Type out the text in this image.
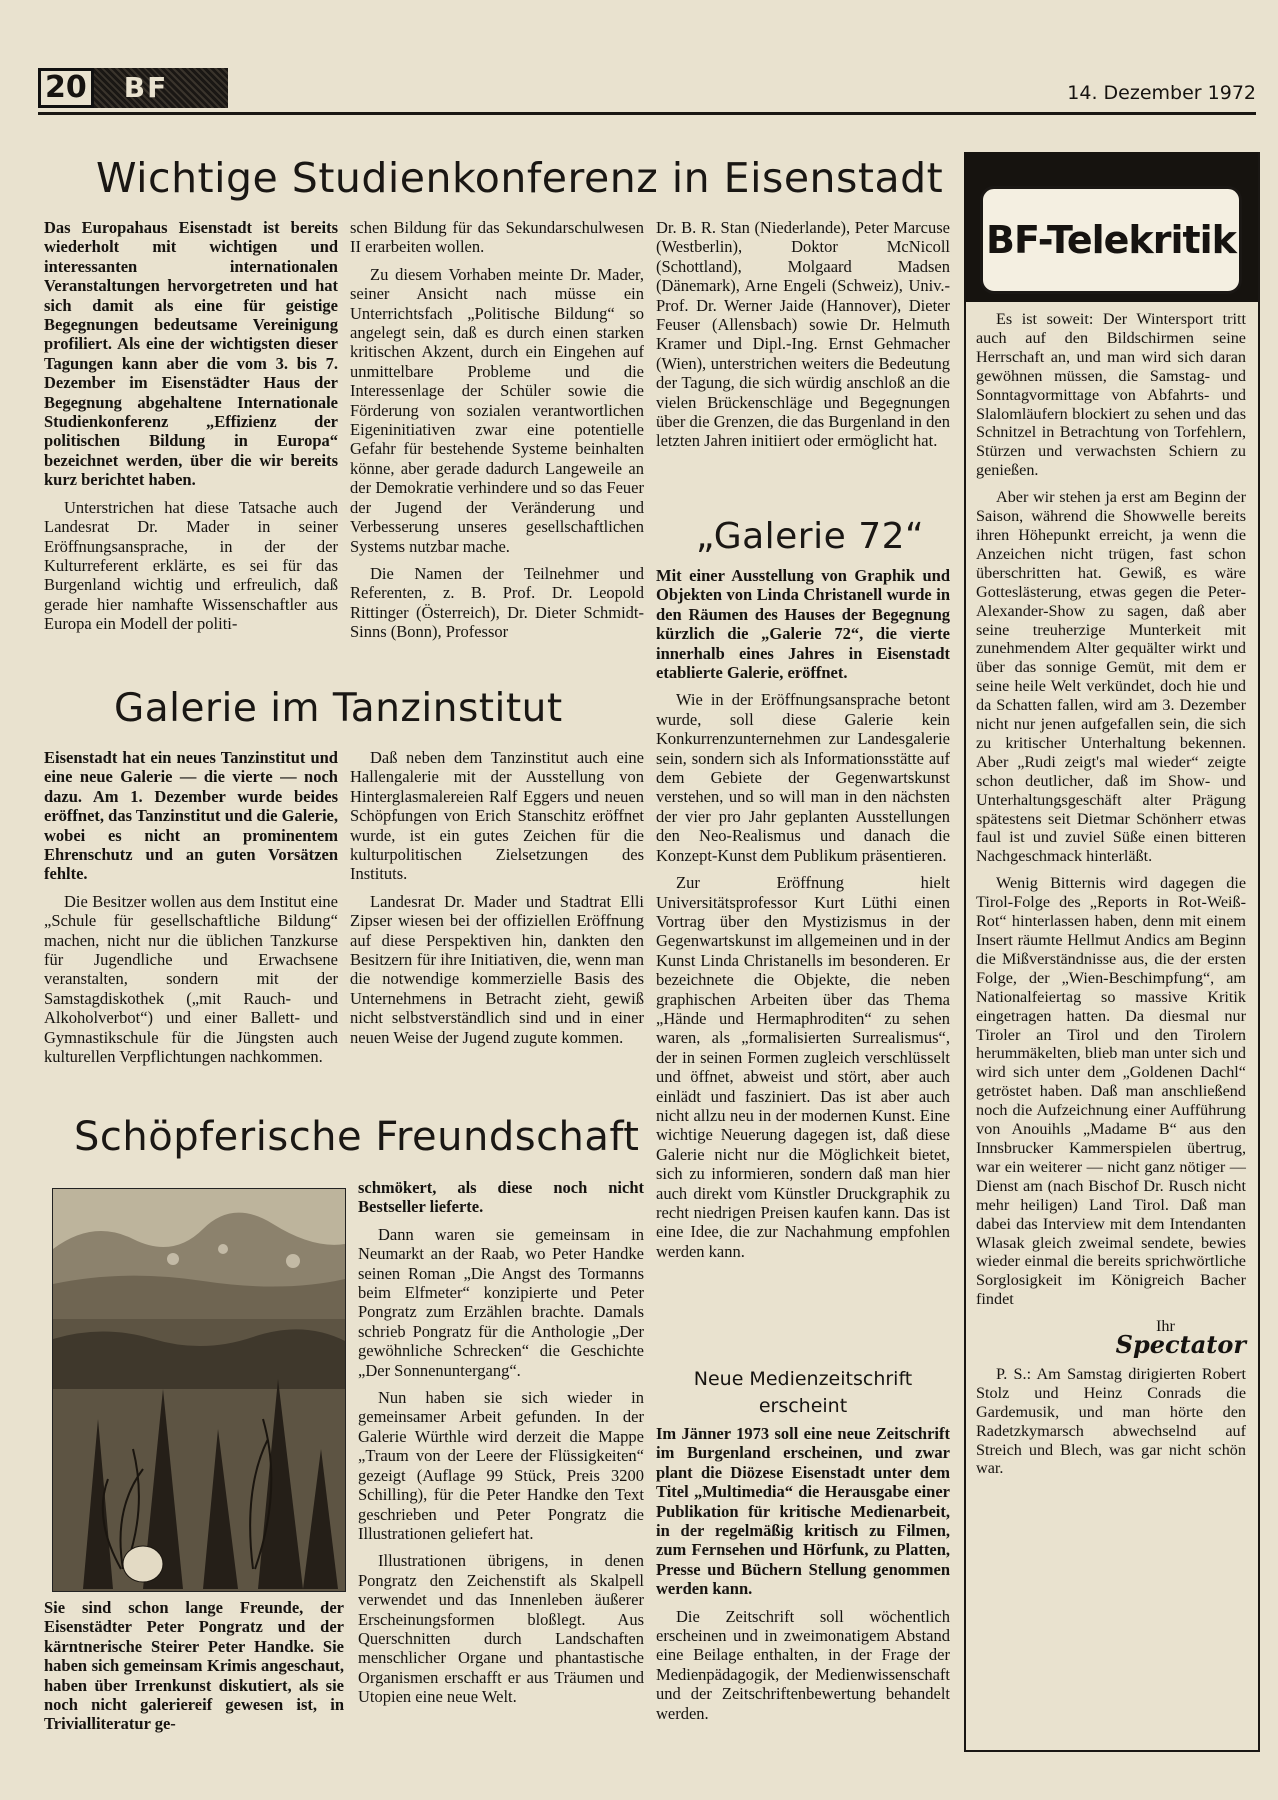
20	BF	14. Dezember 1972
Wichtige Studienkonferenz in Eisenstadt

Das Europahaus Eisenstadt ist bereits wiederholt mit wichtigen und interessanten internationalen Veranstaltungen hervorgetreten und hat sich damit als eine für geistige Begegnungen bedeutsame Vereinigung profiliert. Als eine der wichtigsten dieser Tagungen kann aber die vom 3. bis 7. Dezember im Eisenstädter Haus der Begegnung abgehaltene Internationale Studienkonferenz „Effizienz der politischen Bildung in Europa“ bezeichnet werden, über die wir bereits kurz berichtet haben.

Unterstrichen hat diese Tatsache auch Landesrat Dr. Mader in seiner Eröffnungsansprache, in der der Kulturreferent erklärte, es sei für das Burgenland wichtig und erfreulich, daß gerade hier namhafte Wissenschaftler aus Europa ein Modell der politi-

schen Bildung für das Sekundarschulwesen II erarbeiten wollen.

Zu diesem Vorhaben meinte Dr. Mader, seiner Ansicht nach müsse ein Unterrichtsfach „Politische Bildung“ so angelegt sein, daß es durch einen starken kritischen Akzent, durch ein Eingehen auf unmittelbare Probleme und die Interessenlage der Schüler sowie die Förderung von sozialen verantwortlichen Eigeninitiativen zwar eine potentielle Gefahr für bestehende Systeme beinhalten könne, aber gerade dadurch Langeweile an der Demokratie verhindere und so das Feuer der Jugend der Veränderung und Verbesserung unseres gesellschaftlichen Systems nutzbar mache.

Die Namen der Teilnehmer und Referenten, z. B. Prof. Dr. Leopold Rittinger (Österreich), Dr. Dieter Schmidt-Sinns (Bonn), Professor

Dr. B. R. Stan (Niederlande), Peter Marcuse (Westberlin), Doktor McNicoll (Schottland), Molgaard Madsen (Dänemark), Arne Engeli (Schweiz), Univ.-Prof. Dr. Werner Jaide (Hannover), Dieter Feuser (Allensbach) sowie Dr. Helmuth Kramer und Dipl.-Ing. Ernst Gehmacher (Wien), unterstrichen weiters die Bedeutung der Tagung, die sich würdig anschloß an die vielen Brückenschläge und Begegnungen über die Grenzen, die das Burgenland in den letzten Jahren initiiert oder ermöglicht hat.

Galerie im Tanzinstitut

Eisenstadt hat ein neues Tanzinstitut und eine neue Galerie — die vierte — noch dazu. Am 1. Dezember wurde beides eröffnet, das Tanzinstitut und die Galerie, wobei es nicht an prominentem Ehrenschutz und an guten Vorsätzen fehlte.

Die Besitzer wollen aus dem Institut eine „Schule für gesellschaftliche Bildung“ machen, nicht nur die üblichen Tanzkurse für Jugendliche und Erwachsene veranstalten, sondern mit der Samstagdiskothek („mit Rauch- und Alkoholverbot“) und einer Ballett- und Gymnastikschule für die Jüngsten auch kulturellen Verpflichtungen nachkommen.

Daß neben dem Tanzinstitut auch eine Hallengalerie mit der Ausstellung von Hinterglasmalereien Ralf Eggers und neuen Schöpfungen von Erich Stanschitz eröffnet wurde, ist ein gutes Zeichen für die kulturpolitischen Zielsetzungen des Instituts.

Landesrat Dr. Mader und Stadtrat Elli Zipser wiesen bei der offiziellen Eröffnung auf diese Perspektiven hin, dankten den Besitzern für ihre Initiativen, die, wenn man die notwendige kommerzielle Basis des Unternehmens in Betracht zieht, gewiß nicht selbstverständlich sind und in einer neuen Weise der Jugend zugute kommen.

„Galerie 72“

Mit einer Ausstellung von Graphik und Objekten von Linda Christanell wurde in den Räumen des Hauses der Begegnung kürzlich die „Galerie 72“, die vierte innerhalb eines Jahres in Eisenstadt etablierte Galerie, eröffnet.

Wie in der Eröffnungsansprache betont wurde, soll diese Galerie kein Konkurrenzunternehmen zur Landesgalerie sein, sondern sich als Informationsstätte auf dem Gebiete der Gegenwartskunst verstehen, und so will man in den nächsten der vier pro Jahr geplanten Ausstellungen den Neo-Realismus und danach die Konzept-Kunst dem Publikum präsentieren.

Zur Eröffnung hielt Universitätsprofessor Kurt Lüthi einen Vortrag über den Mystizismus in der Gegenwartskunst im allgemeinen und in der Kunst Linda Christanells im besonderen. Er bezeichnete die Objekte, die neben graphischen Arbeiten über das Thema „Hände und Hermaphroditen“ zu sehen waren, als „formalisierten Surrealismus“, der in seinen Formen zugleich verschlüsselt und öffnet, abweist und stört, aber auch einlädt und fasziniert. Das ist aber auch nicht allzu neu in der modernen Kunst. Eine wichtige Neuerung dagegen ist, daß diese Galerie nicht nur die Möglichkeit bietet, sich zu informieren, sondern daß man hier auch direkt vom Künstler Druckgraphik zu recht niedrigen Preisen kaufen kann. Das ist eine Idee, die zur Nachahmung empfohlen werden kann.

Neue Medienzeitschrift erscheint

Im Jänner 1973 soll eine neue Zeitschrift im Burgenland erscheinen, und zwar plant die Diözese Eisenstadt unter dem Titel „Multimedia“ die Herausgabe einer Publikation für kritische Medienarbeit, in der regelmäßig kritisch zu Filmen, zum Fernsehen und Hörfunk, zu Platten, Presse und Büchern Stellung genommen werden kann.

Die Zeitschrift soll wöchentlich erscheinen und in zweimonatigem Abstand eine Beilage enthalten, in der Frage der Medienpädagogik, der Medienwissenschaft und der Zeitschriftenbewertung behandelt werden.

Schöpferische Freundschaft

Sie sind schon lange Freunde, der Eisenstädter Peter Pongratz und der kärntnerische Steirer Peter Handke. Sie haben sich gemeinsam Krimis angeschaut, haben über Irrenkunst diskutiert, als sie noch nicht galeriereif gewesen ist, in Trivialliteratur ge-

schmökert, als diese noch nicht Bestseller lieferte.

Dann waren sie gemeinsam in Neumarkt an der Raab, wo Peter Handke seinen Roman „Die Angst des Tormanns beim Elfmeter“ konzipierte und Peter Pongratz zum Erzählen brachte. Damals schrieb Pongratz für die Anthologie „Der gewöhnliche Schrecken“ die Geschichte „Der Sonnenuntergang“.

Nun haben sie sich wieder in gemeinsamer Arbeit gefunden. In der Galerie Würthle wird derzeit die Mappe „Traum von der Leere der Flüssigkeiten“ gezeigt (Auflage 99 Stück, Preis 3200 Schilling), für die Peter Handke den Text geschrieben und Peter Pongratz die Illustrationen geliefert hat.

Illustrationen übrigens, in denen Pongratz den Zeichenstift als Skalpell verwendet und das Innenleben äußerer Erscheinungsformen bloßlegt. Aus Querschnitten durch Landschaften menschlicher Organe und phantastische Organismen erschafft er aus Träumen und Utopien eine neue Welt.

BF-Telekritik

Es ist soweit: Der Wintersport tritt auch auf den Bildschirmen seine Herrschaft an, und man wird sich daran gewöhnen müssen, die Samstag- und Sonntagvormittage von Abfahrts- und Slalomläufern blockiert zu sehen und das Schnitzel in Betrachtung von Torfehlern, Stürzen und verwachsten Schiern zu genießen.

Aber wir stehen ja erst am Beginn der Saison, während die Showwelle bereits ihren Höhepunkt erreicht, ja wenn die Anzeichen nicht trügen, fast schon überschritten hat. Gewiß, es wäre Gotteslästerung, etwas gegen die Peter-Alexander-Show zu sagen, daß aber seine treuherzige Munterkeit mit zunehmendem Alter gequälter wirkt und über das sonnige Gemüt, mit dem er seine heile Welt verkündet, doch hie und da Schatten fallen, wird am 3. Dezember nicht nur jenen aufgefallen sein, die sich zu kritischer Unterhaltung bekennen. Aber „Rudi zeigt's mal wieder“ zeigte schon deutlicher, daß im Show- und Unterhaltungsgeschäft alter Prägung spätestens seit Dietmar Schönherr etwas faul ist und zuviel Süße einen bitteren Nachgeschmack hinterläßt.

Wenig Bitternis wird dagegen die Tirol-Folge des „Reports in Rot-Weiß-Rot“ hinterlassen haben, denn mit einem Insert räumte Hellmut Andics am Beginn die Mißverständnisse aus, die der ersten Folge, der „Wien-Beschimpfung“, am Nationalfeiertag so massive Kritik eingetragen hatten. Da diesmal nur Tiroler an Tirol und den Tirolern herummäkelten, blieb man unter sich und wird sich unter dem „Goldenen Dachl“ getröstet haben. Daß man anschließend noch die Aufzeichnung einer Aufführung von Anouihls „Madame B“ aus den Innsbrucker Kammerspielen übertrug, war ein weiterer — nicht ganz nötiger — Dienst am (nach Bischof Dr. Rusch nicht mehr heiligen) Land Tirol. Daß man dabei das Interview mit dem Intendanten Wlasak gleich zweimal sendete, bewies wieder einmal die bereits sprichwörtliche Sorglosigkeit im Königreich Bacher findet

Ihr

Spectator

P. S.: Am Samstag dirigierten Robert Stolz und Heinz Conrads die Gardemusik, und man hörte den Radetzkymarsch abwechselnd auf Streich und Blech, was gar nicht schön war.
